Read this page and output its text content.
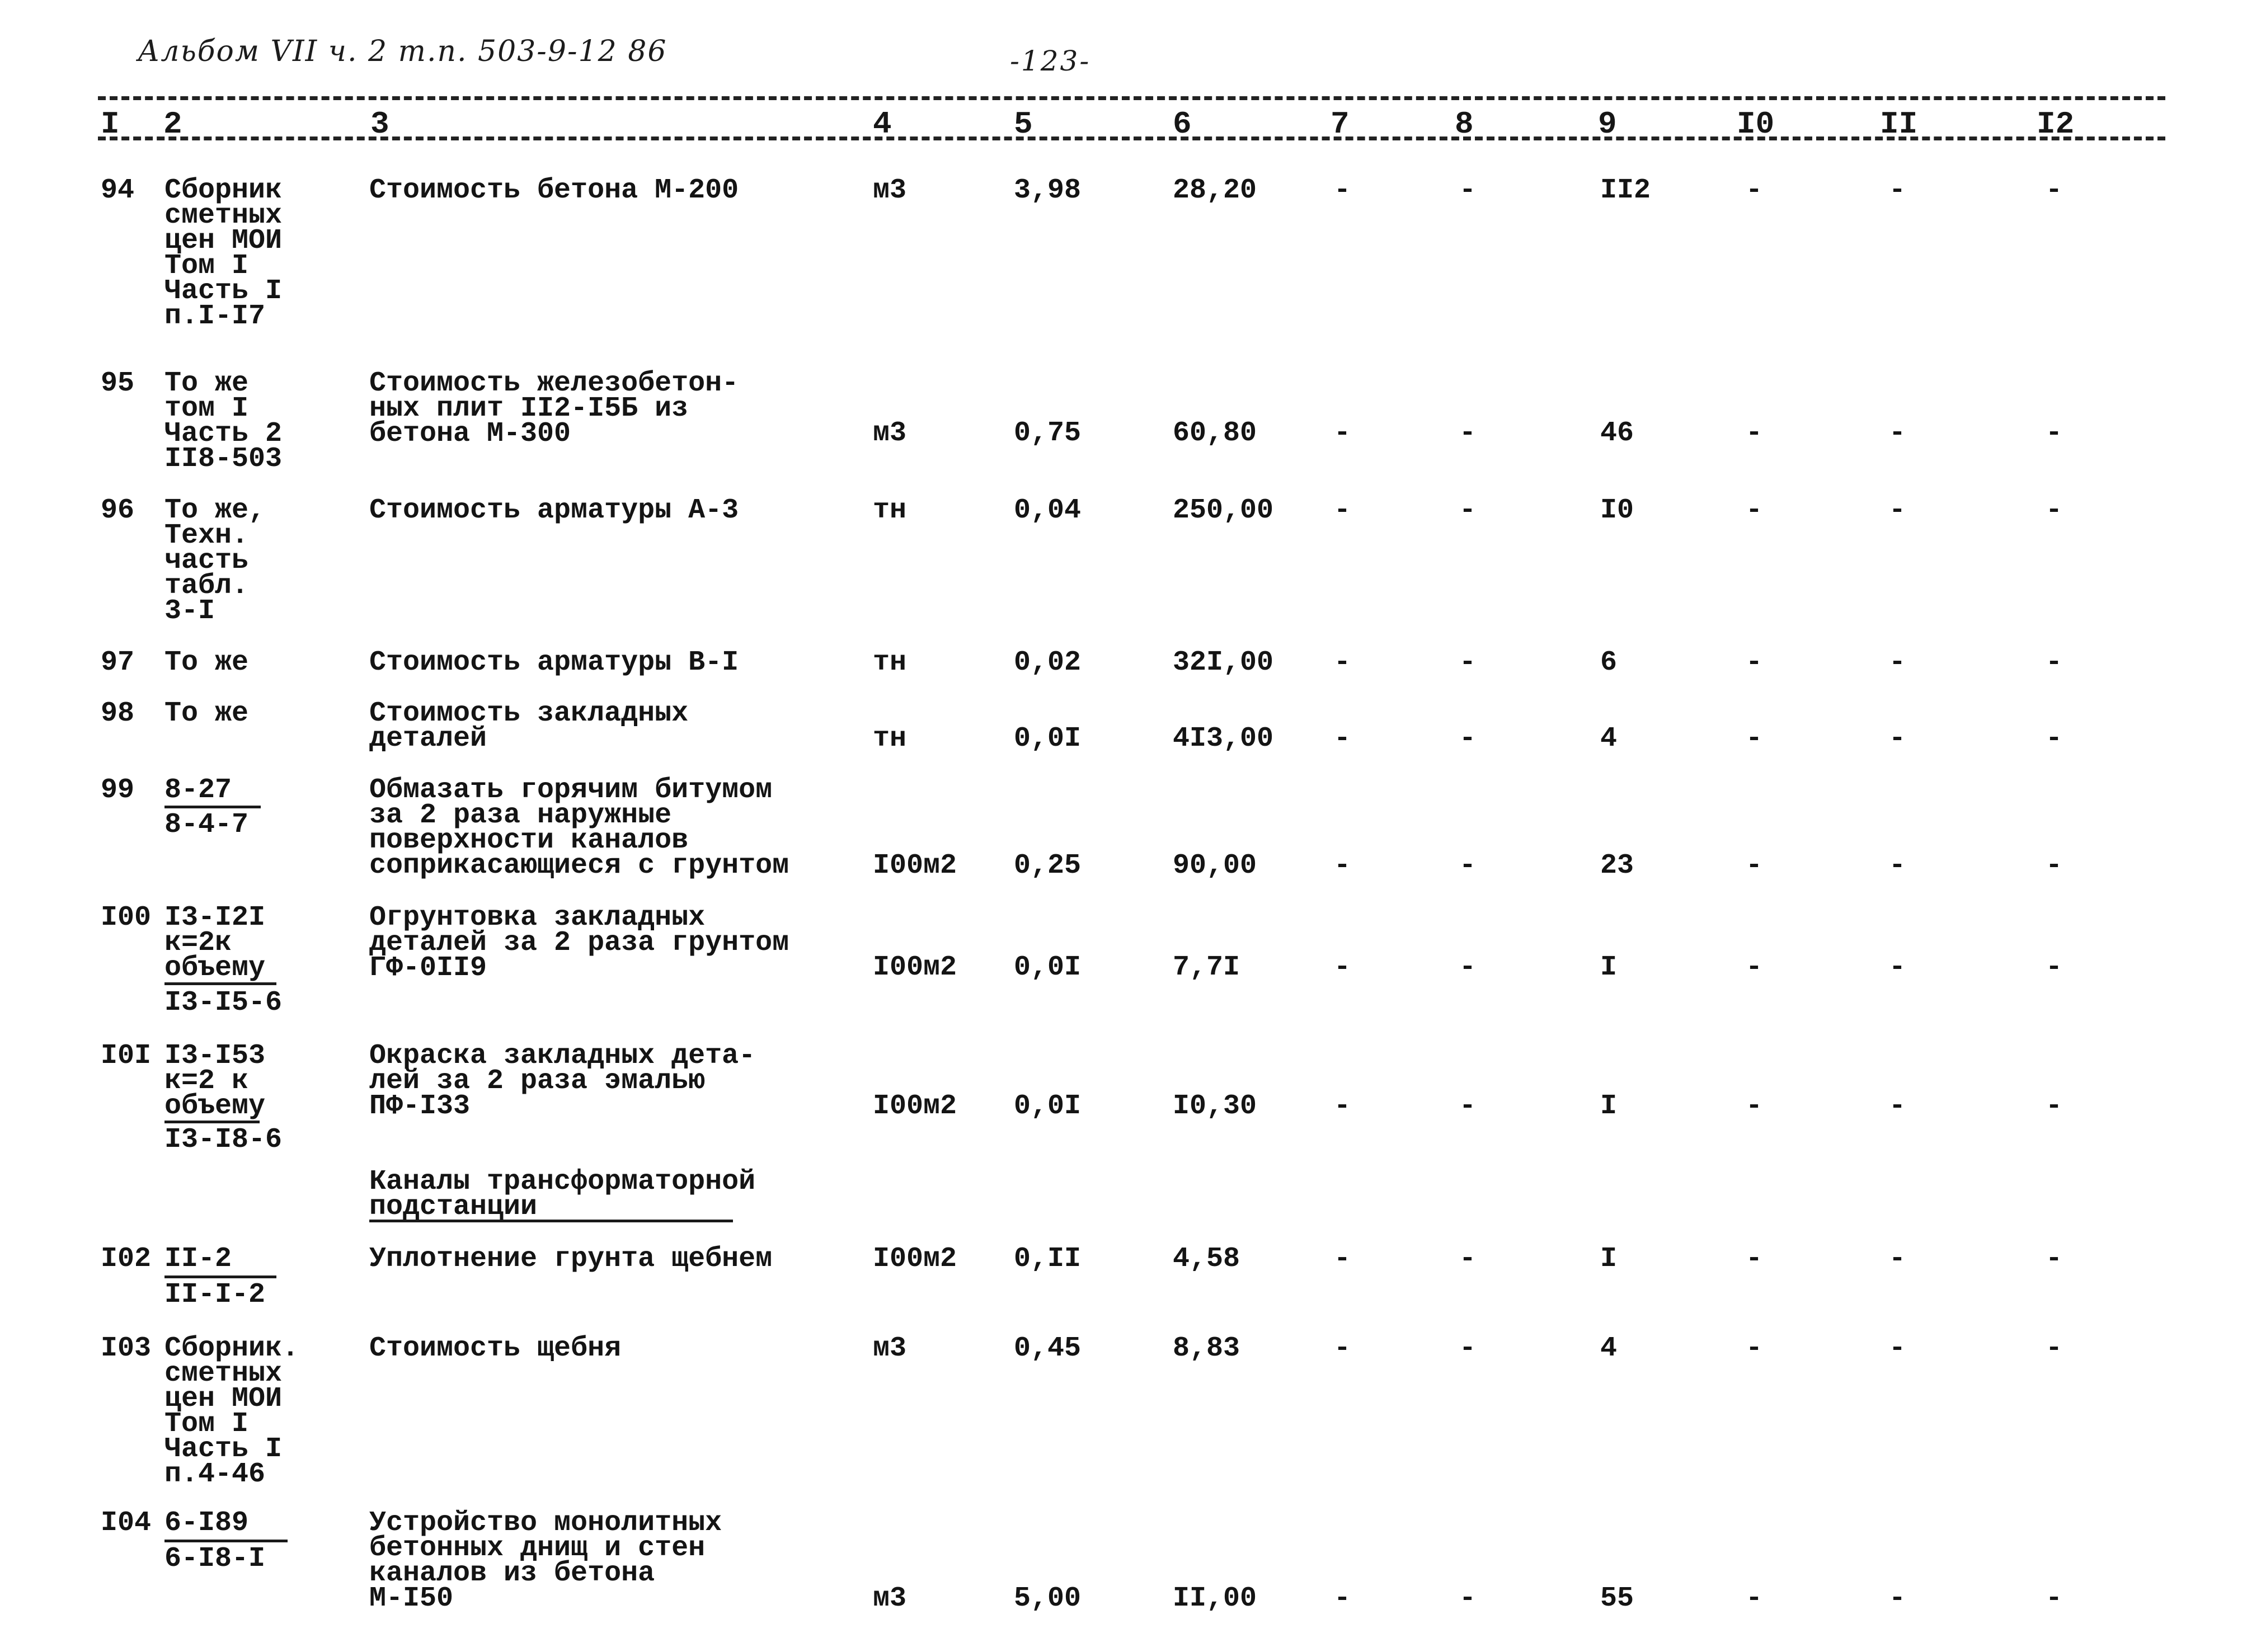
Альбом VII ч. 2 т.п. 503-9-12 86	-123-
I 2	3	4	5	6	7	8	9	I0	II	I2
94 Сборник
сметных
цен МОИ
Том I
Часть I
п.I-I7
Стоимость бетона М-200	м3	3,98	28,20	-	-	II2	-	-	-
95 То же
том I
Часть 2
II8-503
Стоимость железобетон-
ных плит II2-I5Б из
бетона М-300	м3	0,75	60,80	-	-	46	-	-	-
96 То же,
Техн.
часть
табл.
3-I
Стоимость арматуры А-3	тн	0,04	250,00 -	-	I0	-	-	-
97 То же	Стоимость арматуры В-I	тн	0,02	32I,00 -	-	6	-	-	-
98 То же	Стоимость закладных
деталей	тн	0,0I	4I3,00 -	-	4	-	-	-
99 8-27
8-4-7
Обмазать горячим битумом
за 2 раза наружные
поверхности каналов
соприкасающиеся с грунтом	I00м2 0,25	90,00	-	-	23	-	-	-
I00 I3-I2I
к=2к
объему
I3-I5-6
Огрунтовка закладных
деталей за 2 раза грунтом
ГФ-0II9	I00м2 0,0I	7,7I	-	-	I	-	-	-
I0I I3-I53
к=2 к
объему
I3-I8-6
Окраска закладных дета-
лей за 2 раза эмалью
ПФ-I33	I00м2 0,0I	I0,30	-	-	I	-	-	-
Каналы трансформаторной
подстанции
I02 II-2
II-I-2
Уплотнение грунта щебнем	I00м2 0,II	4,58	-	-	I	-	-	-
I03 Сборник.
сметных
цен МОИ
Том I
Часть I
п.4-46
Стоимость щебня	м3	0,45	8,83	-	-	4	-	-	-
I04 6-I89
6-I8-I
Устройство монолитных
бетонных днищ и стен
каналов из бетона
М-I50	м3	5,00	II,00	-	-	55	-	-	-
